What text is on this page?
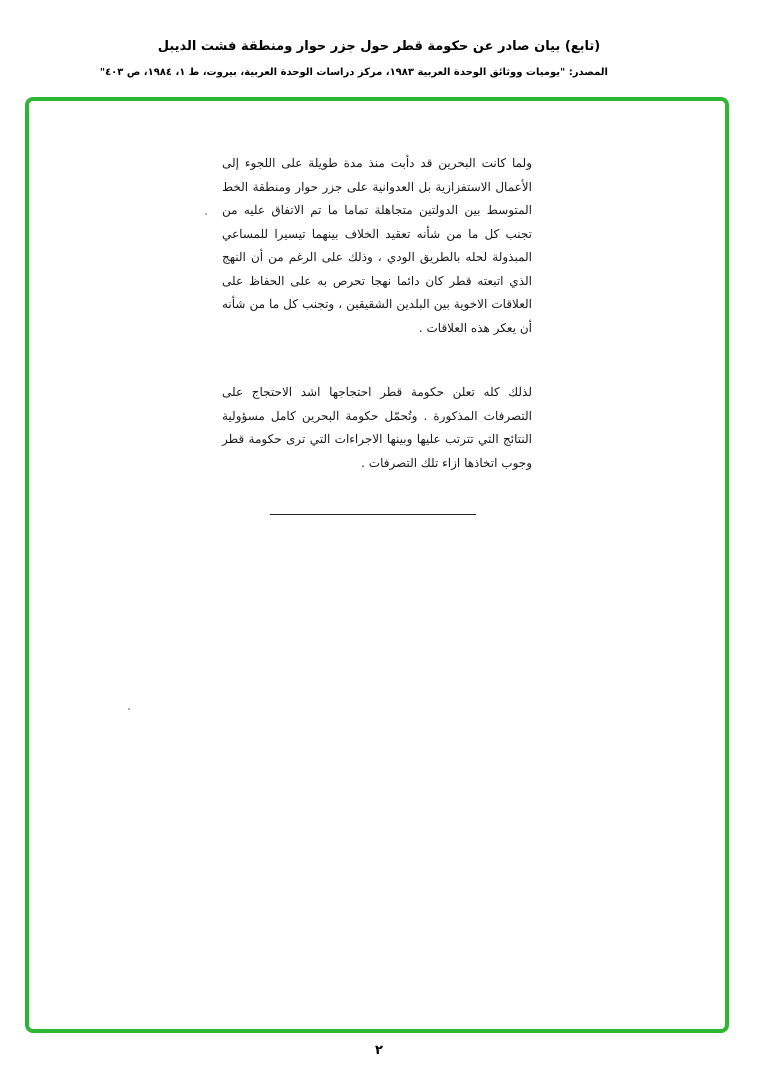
(تابع) بيان صادر عن حكومة قطر حول جزر حوار ومنطقة فشت الديبل
المصدر: "يوميات ووثائق الوحدة العربية ١٩٨٣، مركز دراسات الوحدة العربية، بيروت، ط ١، ١٩٨٤، ص ٤٠٣"
ولما كانت البحرين قد دأبت منذ مدة طويلة على اللجوء إلى الأعمال الاستفزازية بل العدوانية على جزر حوار ومنطقة الخط المتوسط بين الدولتين متجاهلة تماما ما تم الاتفاق عليه من تجنب كل ما من شأنه تعقيد الخلاف بينهما تيسيرا للمساعي المبذولة لحله بالطريق الودي ، وذلك على الرغم من أن النهج الذي اتبعته قطر كان دائما نهجا تحرص به على الحفاظ على العلاقات الاخوية بين البلدين الشقيقين ، وتجنب كل ما من شأنه أن يعكر هذه العلاقات .
لذلك كله تعلن حكومة قطر احتجاجها اشد الاحتجاج على التصرفات المذكورة . وتُحمّل حكومة البحرين كامل مسؤولية النتائج التي تترتب عليها وبينها الاجراءات التي ترى حكومة قطر وجوب اتخاذها ازاء تلك التصرفات .
٢
